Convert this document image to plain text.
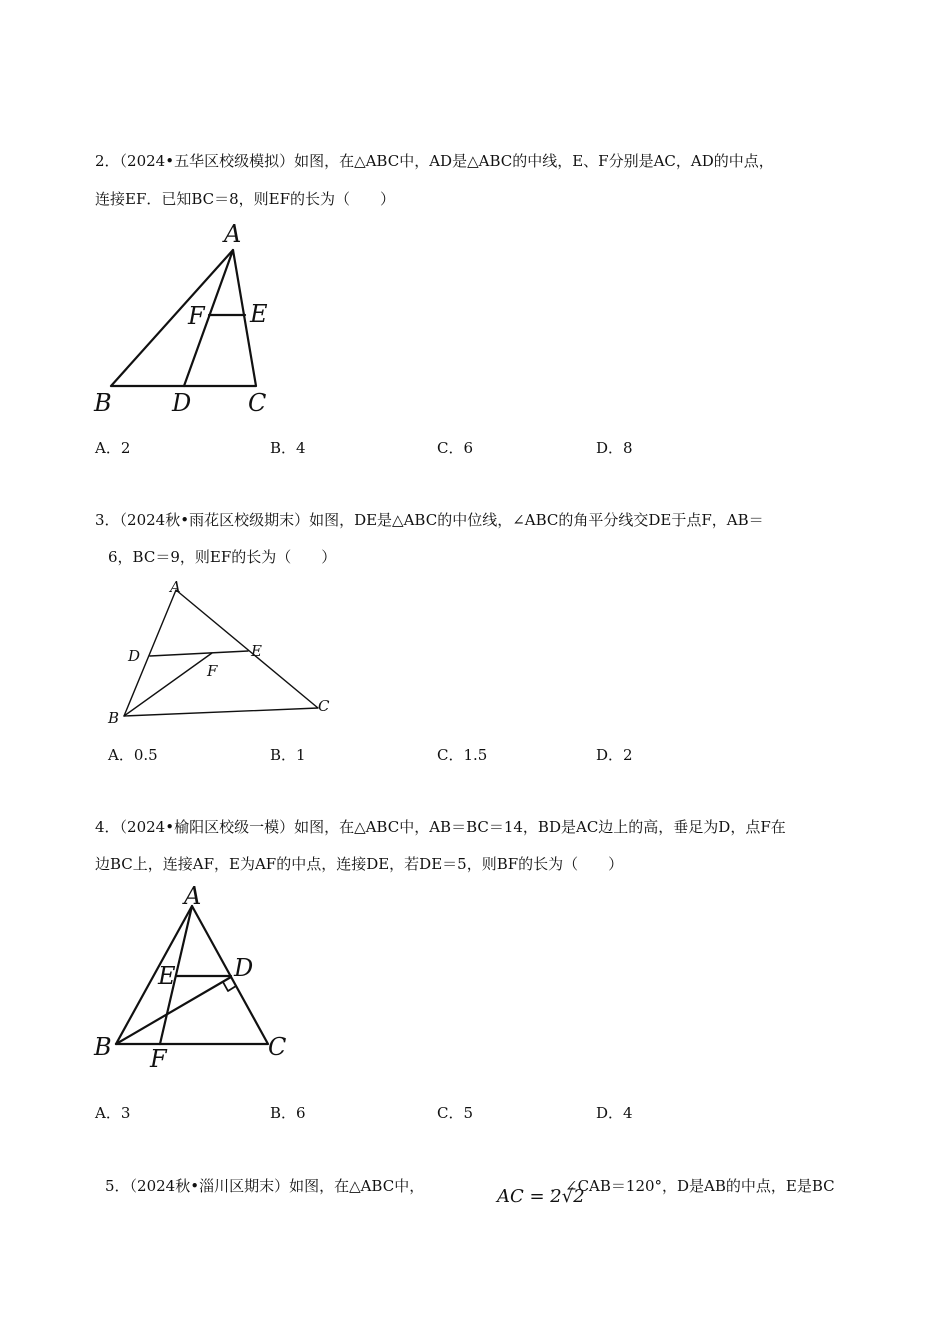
2．（2024•五华区校级模拟）如图，在△ABC中，AD是△ABC的中线，E、F分别是AC，AD的中点，
连接EF．已知BC＝8，则EF的长为（　　）
A
F E
B	D C
A．2	B．4	C．6	D．8
3．（2024秋•雨花区校级期末）如图，DE是△ABC的中位线，∠ABC的角平分线交DE于点F，AB＝
6，BC＝9，则EF的长为（　　）
A
D	E
F
B
C
A．0.5	B．1	C．1.5	D．2
4．（2024•榆阳区校级一模）如图，在△ABC中，AB＝BC＝14，BD是AC边上的高，垂足为D，点F在
边BC上，连接AF，E为AF的中点，连接DE，若DE＝5，则BF的长为（　　）
A
E D
B F	C
A．3	B．6	C．5	D．4
5．（2024秋•淄川区期末）如图，在△ABC中，	AC = 2√2
，∠CAB＝120°，D是AB的中点，E是BC
